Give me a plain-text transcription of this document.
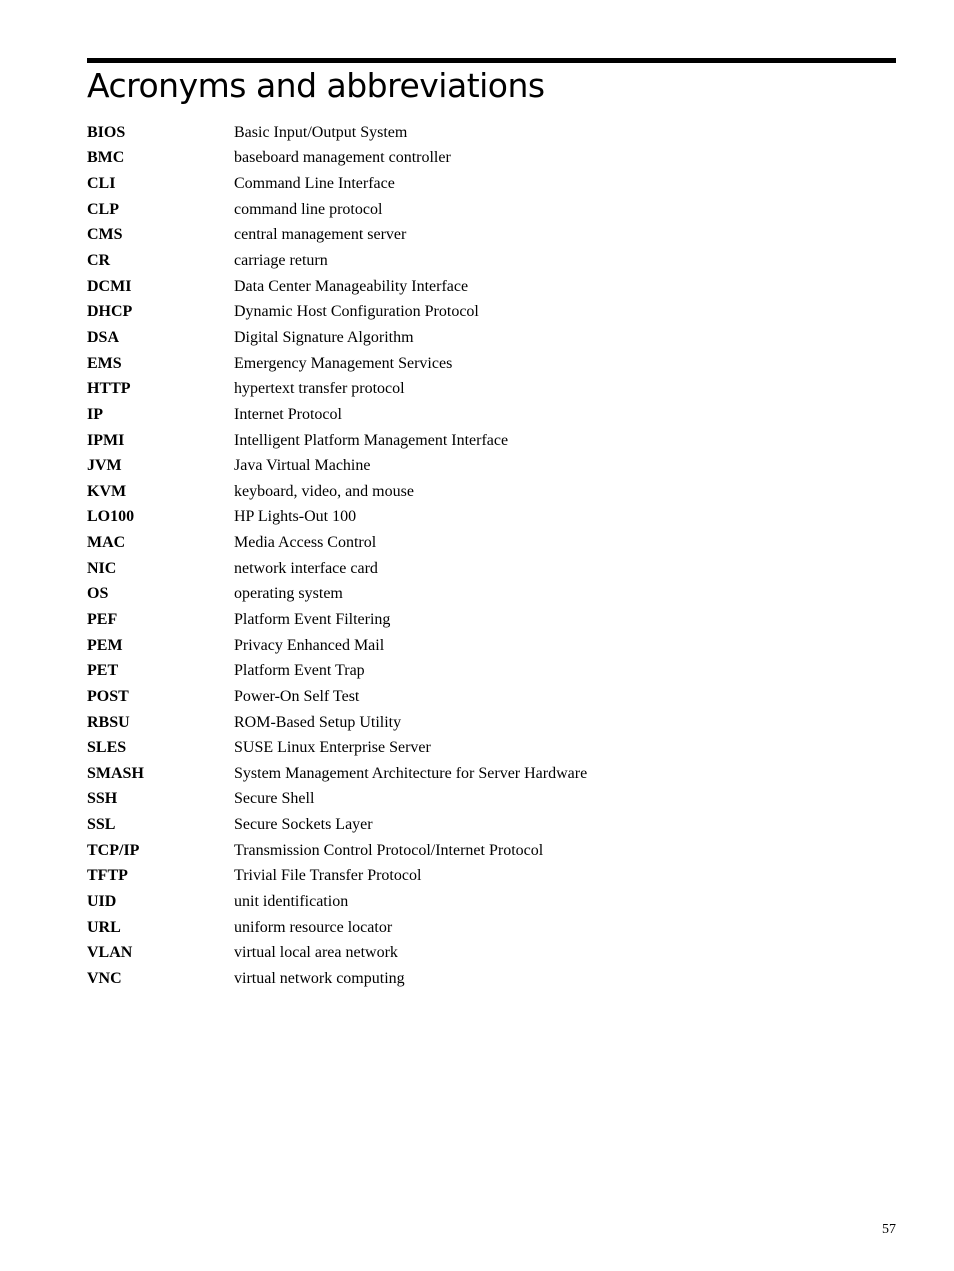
Acronyms and abbreviations
BIOS	Basic Input/Output System
BMC	baseboard management controller
CLI	Command Line Interface
CLP	command line protocol
CMS	central management server
CR	carriage return
DCMI	Data Center Manageability Interface
DHCP	Dynamic Host Configuration Protocol
DSA	Digital Signature Algorithm
EMS	Emergency Management Services
HTTP	hypertext transfer protocol
IP	Internet Protocol
IPMI	Intelligent Platform Management Interface
JVM	Java Virtual Machine
KVM	keyboard, video, and mouse
LO100	HP Lights-Out 100
MAC	Media Access Control
NIC	network interface card
OS	operating system
PEF	Platform Event Filtering
PEM	Privacy Enhanced Mail
PET	Platform Event Trap
POST	Power-On Self Test
RBSU	ROM-Based Setup Utility
SLES	SUSE Linux Enterprise Server
SMASH	System Management Architecture for Server Hardware
SSH	Secure Shell
SSL	Secure Sockets Layer
TCP/IP	Transmission Control Protocol/Internet Protocol
TFTP	Trivial File Transfer Protocol
UID	unit identification
URL	uniform resource locator
VLAN	virtual local area network
VNC	virtual network computing
57
